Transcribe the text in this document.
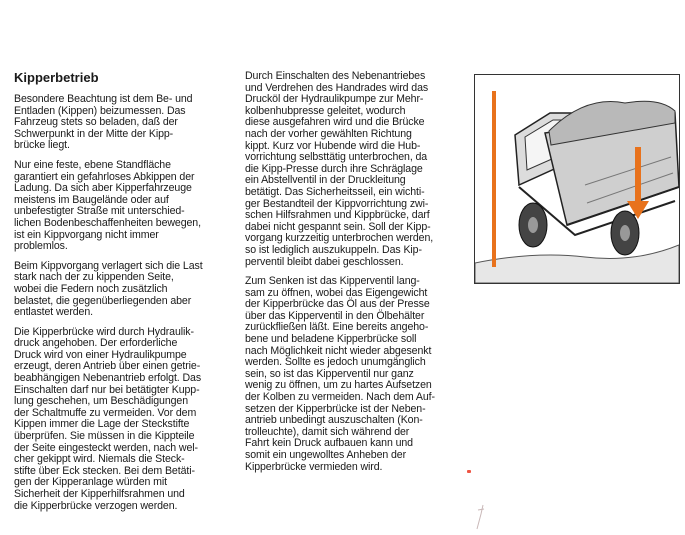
Kipperbetrieb

Besondere Beachtung ist dem Be- und
Entladen (Kippen) beizumessen. Das
Fahrzeug stets so beladen, daß der
Schwerpunkt in der Mitte der Kipp-
brücke liegt.

Nur eine feste, ebene Standfläche
garantiert ein gefahrloses Abkippen der
Ladung. Da sich aber Kipperfahrzeuge
meistens im Baugelände oder auf
unbefestigter Straße mit unterschied-
lichen Bodenbeschaffenheiten bewegen,
ist ein Kippvorgang nicht immer
problemlos.

Beim Kippvorgang verlagert sich die Last
stark nach der zu kippenden Seite,
wobei die Federn noch zusätzlich
belastet, die gegenüberliegenden aber
entlastet werden.

Die Kipperbrücke wird durch Hydraulik-
druck angehoben. Der erforderliche
Druck wird von einer Hydraulikpumpe
erzeugt, deren Antrieb über einen getrie-
beabhängigen Nebenantrieb erfolgt. Das
Einschalten darf nur bei betätigter Kupp-
lung geschehen, um Beschädigungen
der Schaltmuffe zu vermeiden. Vor dem
Kippen immer die Lage der Steckstifte
überprüfen. Sie müssen in die Kippteile
der Seite eingesteckt werden, nach wel-
cher gekippt wird. Niemals die Steck-
stifte über Eck stecken. Bei dem Betäti-
gen der Kipperanlage würden mit
Sicherheit der Kipperhilfsrahmen und
die Kipperbrücke verzogen werden.

Durch Einschalten des Nebenantriebes
und Verdrehen des Handrades wird das
Drucköl der Hydraulikpumpe zur Mehr-
kolbenhubpresse geleitet, wodurch
diese ausgefahren wird und die Brücke
nach der vorher gewählten Richtung
kippt. Kurz vor Hubende wird die Hub-
vorrichtung selbsttätig unterbrochen, da
die Kipp-Presse durch ihre Schräglage
ein Abstellventil in der Druckleitung
betätigt. Das Sicherheitsseil, ein wichti-
ger Bestandteil der Kippvorrichtung zwi-
schen Hilfsrahmen und Kippbrücke, darf
dabei nicht gespannt sein. Soll der Kipp-
vorgang kurzzeitig unterbrochen werden,
so ist lediglich auszukuppeln. Das Kip-
perventil bleibt dabei geschlossen.

Zum Senken ist das Kipperventil lang-
sam zu öffnen, wobei das Eigengewicht
der Kipperbrücke das Öl aus der Presse
über das Kipperventil in den Ölbehälter
zurückfließen läßt. Eine bereits angeho-
bene und beladene Kipperbrücke soll
nach Möglichkeit nicht wieder abgesenkt
werden. Sollte es jedoch unumgänglich
sein, so ist das Kipperventil nur ganz
wenig zu öffnen, um zu hartes Aufsetzen
der Kolben zu vermeiden. Nach dem Auf-
setzen der Kipperbrücke ist der Neben-
antrieb unbedingt auszuschalten (Kon-
trolleuchte), damit sich während der
Fahrt kein Druck aufbauen kann und
somit ein ungewolltes Anheben der
Kipperbrücke vermieden wird.
